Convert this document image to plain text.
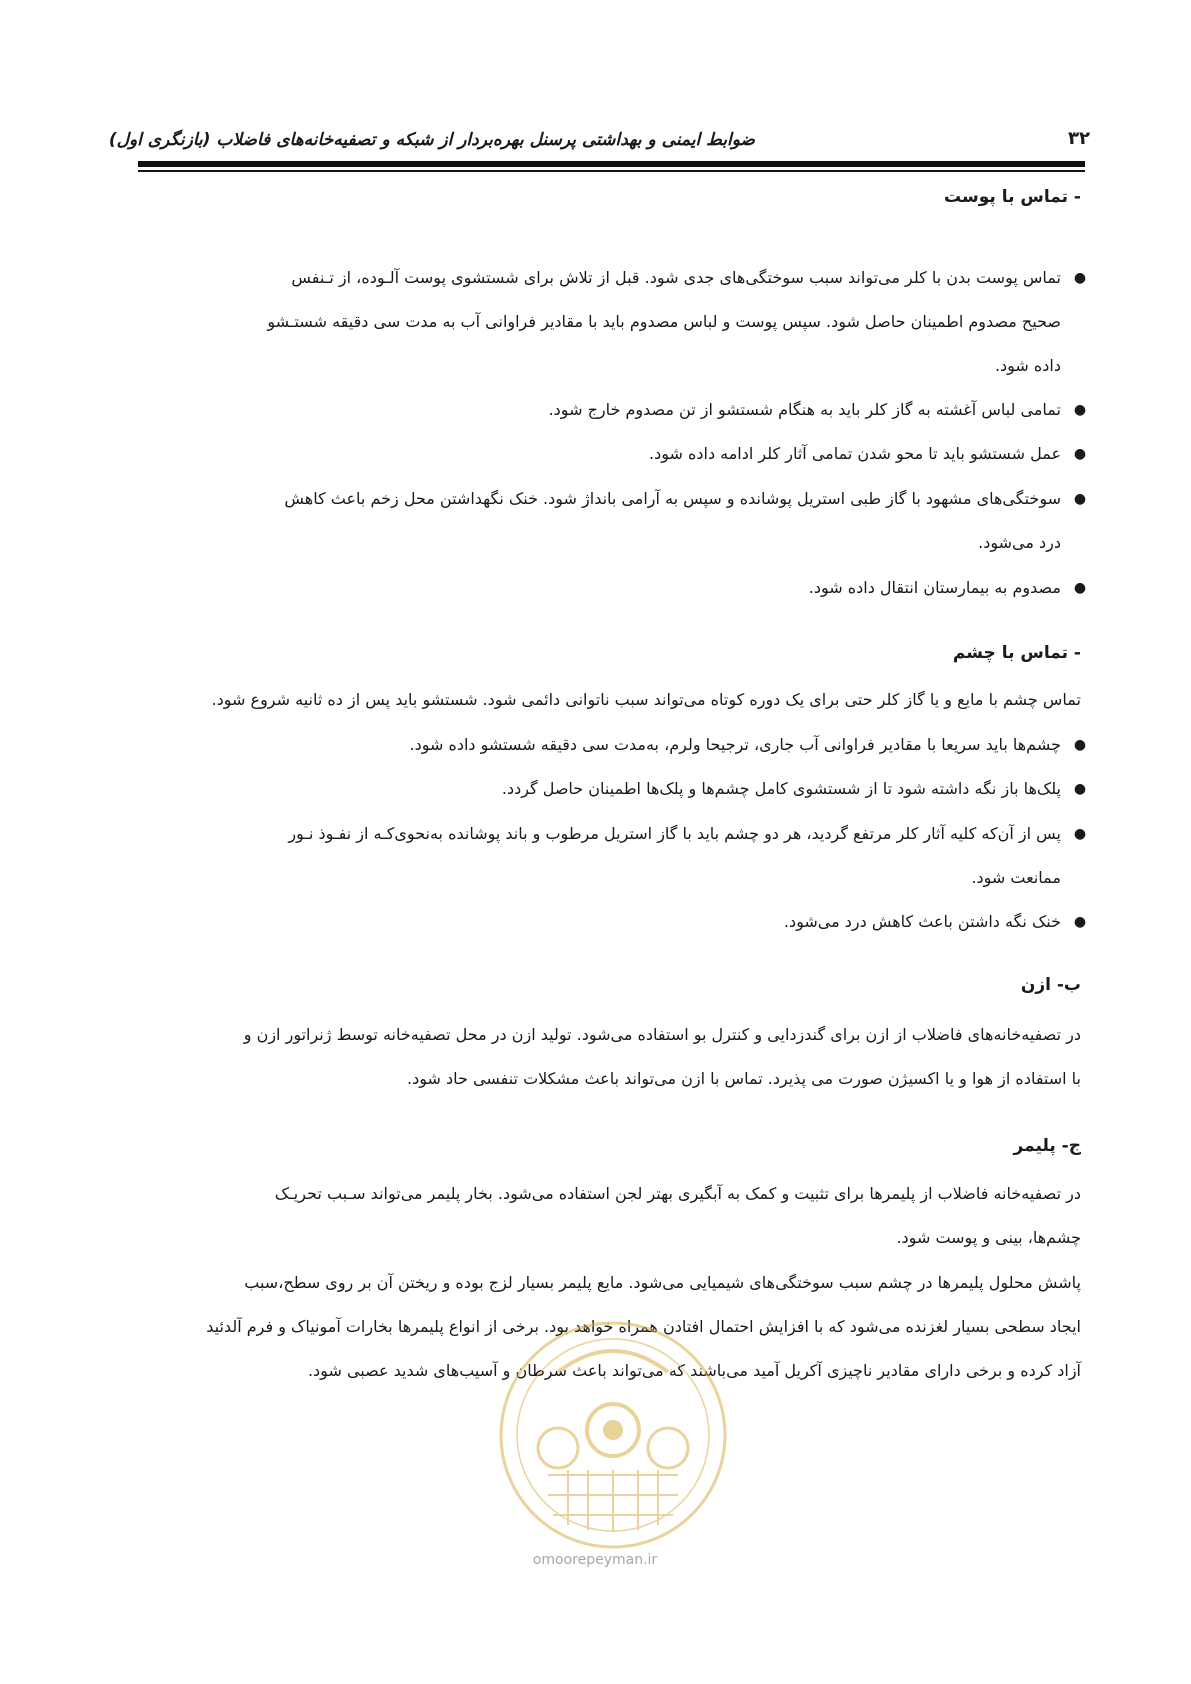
ضوابط ایمنی و بهداشتی پرسنل بهره‌بردار از شبکه و تصفیه‌خانه‌های فاضلاب (بازنگری اول)	۳۲
- تماس با پوست
●
تماس پوست بدن با کلر می‌تواند سبب سوختگی‌های جدی شود. قبل از تلاش برای شستشوی پوست آلـوده، از تـنفس
صحیح مصدوم اطمینان حاصل شود. سپس پوست و لباس مصدوم باید با مقادیر فراوانی آب به مدت سی دقیقه شستـشو
داده شود.
●
تمامی لباس آغشته به گاز کلر باید به هنگام شستشو از تن مصدوم خارج شود.
●
عمل شستشو باید تا محو شدن تمامی آثار کلر ادامه داده شود.
●
سوختگی‌های مشهود با گاز طبی استریل پوشانده و سپس به آرامی بانداژ شود. خنک نگهداشتن محل زخم باعث کاهش
درد می‌شود.
●
مصدوم به بیمارستان انتقال داده شود.
- تماس با چشم
تماس چشم با مایع و یا گاز کلر حتی برای یک دوره کوتاه می‌تواند سبب ناتوانی دائمی شود. شستشو باید پس از ده ثانیه شروع شود.
●
چشم‌ها باید سریعا با مقادیر فراوانی آب جاری، ترجیحا ولرم، به‌مدت سی دقیقه شستشو داده شود.
●
پلک‌ها باز نگه داشته شود تا از شستشوی کامل چشم‌ها و پلک‌ها اطمینان حاصل گردد.
●
پس از آن‌که کلیه آثار کلر مرتفع گردید، هر دو چشم باید با گاز استریل مرطوب و باند پوشانده به‌نحوی‌کـه از نفـوذ نـور
ممانعت شود.
●
خنک نگه داشتن باعث کاهش درد می‌شود.
ب- ازن
در تصفیه‌خانه‌های فاضلاب از ازن برای گندزدایی و کنترل بو استفاده می‌شود. تولید ازن در محل تصفیه‌خانه توسط ژنراتور ازن و
با استفاده از هوا و یا اکسیژن صورت می پذیرد. تماس با ازن می‌تواند باعث مشکلات تنفسی حاد شود.
ج- پلیمر
در تصفیه‌خانه فاضلاب از پلیمرها برای تثبیت و کمک به آبگیری بهتر لجن استفاده می‌شود. بخار پلیمر می‌تواند سـبب تحریـک
چشم‌ها، بینی و پوست شود.
پاشش محلول پلیمرها در چشم سبب سوختگی‌های شیمیایی می‌شود. مایع پلیمر بسیار لزج بوده و ریختن آن بر روی سطح،سبب
ایجاد سطحی بسیار لغزنده می‌شود که با افزایش احتمال افتادن همراه خواهد بود. برخی از انواع پلیمرها بخارات آمونیاک و فرم آلدئید
آزاد کرده و برخی دارای مقادیر ناچیزی آکریل آمید می‌باشند که می‌تواند باعث سرطان و آسیب‌های شدید عصبی شود.
omoorepeyman.ir
